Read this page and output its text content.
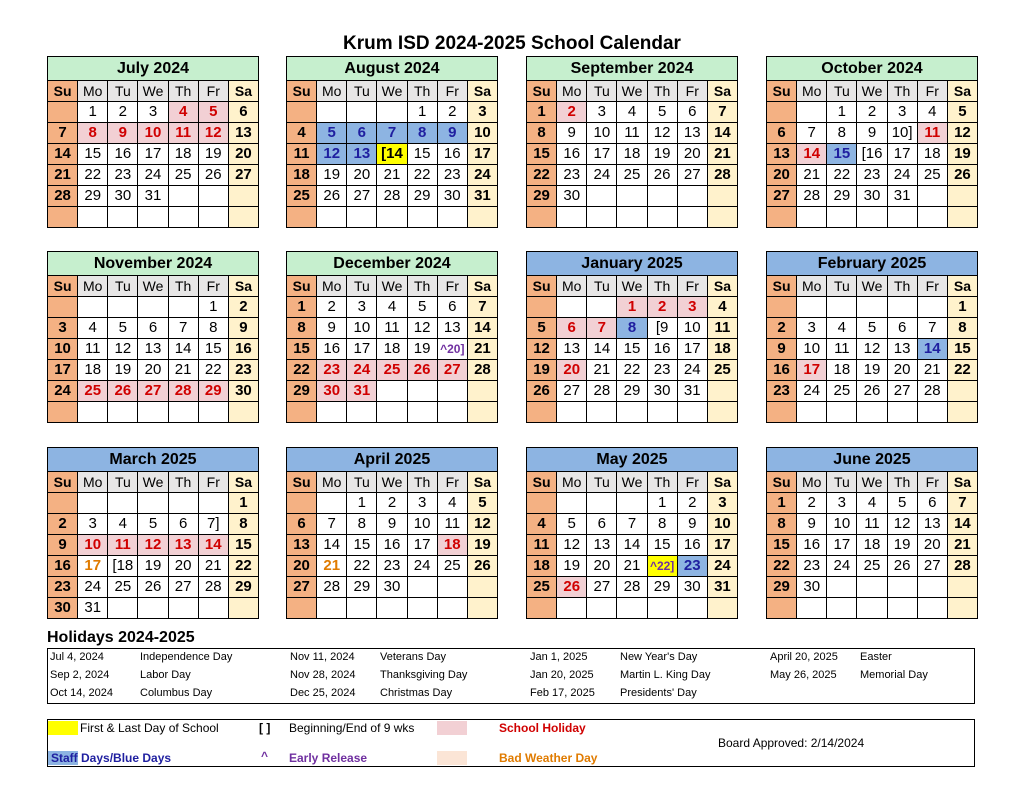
Krum ISD 2024-2025 School Calendar
July 2024						
Su	Mo	Tu	We	Th	Fr	Sa
	1	2	3	4	5	6
7	8	9	10	11	12	13
14	15	16	17	18	19	20
21	22	23	24	25	26	27
28	29	30	31			

August 2024						
Su	Mo	Tu	We	Th	Fr	Sa
				1	2	3
4	5	6	7	8	9	10
11	12	13	[14	15	16	17
18	19	20	21	22	23	24
25	26	27	28	29	30	31

September 2024						
Su	Mo	Tu	We	Th	Fr	Sa
1	2	3	4	5	6	7
8	9	10	11	12	13	14
15	16	17	18	19	20	21
22	23	24	25	26	27	28
29	30					

October 2024						
Su	Mo	Tu	We	Th	Fr	Sa
		1	2	3	4	5
6	7	8	9	10]	11	12
13	14	15	[16	17	18	19
20	21	22	23	24	25	26
27	28	29	30	31		

November 2024						
Su	Mo	Tu	We	Th	Fr	Sa
					1	2
3	4	5	6	7	8	9
10	11	12	13	14	15	16
17	18	19	20	21	22	23
24	25	26	27	28	29	30

December 2024						
Su	Mo	Tu	We	Th	Fr	Sa
1	2	3	4	5	6	7
8	9	10	11	12	13	14
15	16	17	18	19	^20]	21
22	23	24	25	26	27	28
29	30	31				

January 2025						
Su	Mo	Tu	We	Th	Fr	Sa
			1	2	3	4
5	6	7	8	[9	10	11
12	13	14	15	16	17	18
19	20	21	22	23	24	25
26	27	28	29	30	31	

February 2025						
Su	Mo	Tu	We	Th	Fr	Sa
						1
2	3	4	5	6	7	8
9	10	11	12	13	14	15
16	17	18	19	20	21	22
23	24	25	26	27	28	

March 2025						
Su	Mo	Tu	We	Th	Fr	Sa
						1
2	3	4	5	6	7]	8
9	10	11	12	13	14	15
16	17	[18	19	20	21	22
23	24	25	26	27	28	29
30	31					
April 2025						
Su	Mo	Tu	We	Th	Fr	Sa
		1	2	3	4	5
6	7	8	9	10	11	12
13	14	15	16	17	18	19
20	21	22	23	24	25	26
27	28	29	30			

May 2025						
Su	Mo	Tu	We	Th	Fr	Sa
				1	2	3
4	5	6	7	8	9	10
11	12	13	14	15	16	17
18	19	20	21	^22]	23	24
25	26	27	28	29	30	31

June 2025						
Su	Mo	Tu	We	Th	Fr	Sa
1	2	3	4	5	6	7
8	9	10	11	12	13	14
15	16	17	18	19	20	21
22	23	24	25	26	27	28
29	30					

Holidays 2024-2025
Jul 4, 2024	Independence Day
Sep 2, 2024	Labor Day
Oct 14, 2024 Columbus Day
Nov 11, 2024 Veterans Day
Nov 28, 2024 Thanksgiving Day
Dec 25, 2024 Christmas Day
Jan 1, 2025	New Year's Day
Jan 20, 2025 Martin L. King Day
Feb 17, 2025 Presidents' Day
April 20, 2025 Easter
May 26, 2025 Memorial Day
First & Last Day of School	[ ] Beginning/End of 9 wks	School Holiday
Staff Days/Blue Days	^ Early Release	Bad Weather Day
Board Approved: 2/14/2024
